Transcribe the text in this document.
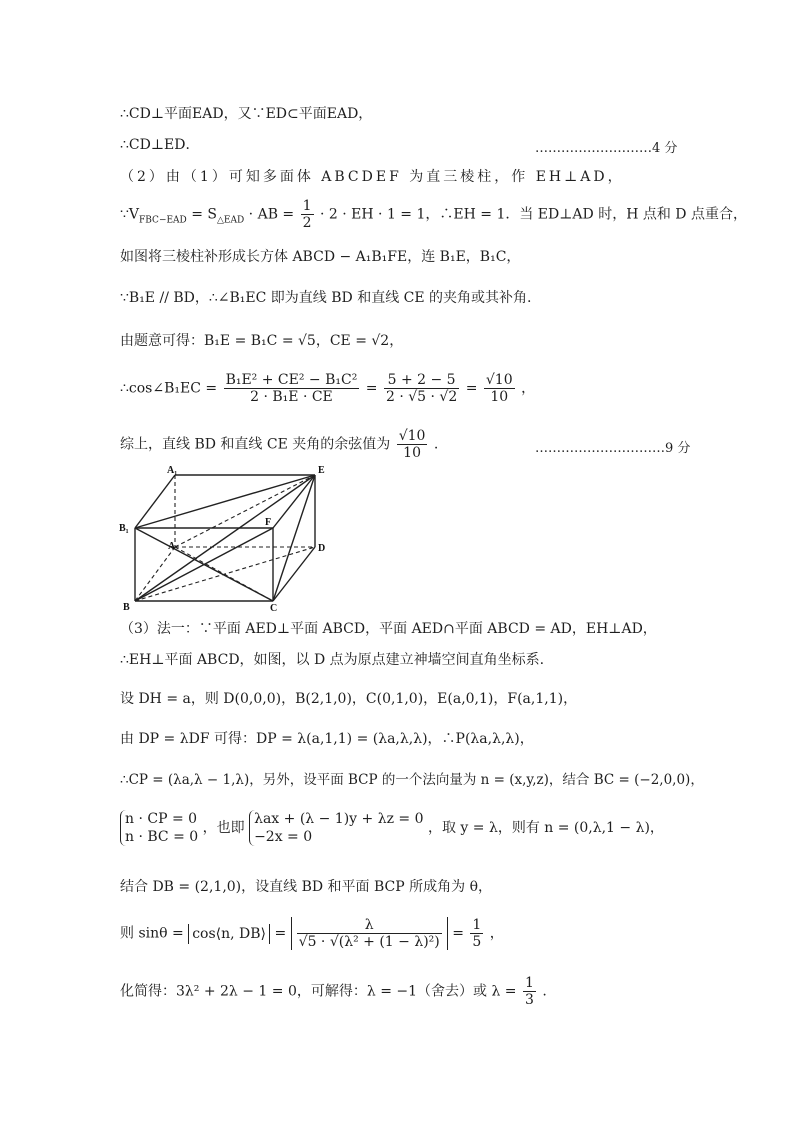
∴CD⊥平面EAD，又∵ED⊂平面EAD，
∴CD⊥ED．	………………………4 分
（2）由（1）可知多面体 ABCDEF 为直三棱柱，作 EH⊥AD，
$\because V_{FBC-EAD} = S_{\triangle EAD}$ · AB = $\frac{1}{2} \cdot 2$ · EH · 1 = 1，∴EH = 1．当 ED⊥AD 时，H 点和 D 点重合，
如图将三棱柱补形成长方体 ABCD − A₁B₁FE，连 B₁E，B₁C，
∵B₁E // BD，∴∠B₁EC 即为直线 BD 和直线 CE 的夹角或其补角.
由题意可得：B₁E = B₁C = √5，CE = √2，
∴cos∠B₁EC = $\frac{\text{B₁E² + CE² − B₁C²}}{\text{2 · B₁E · CE}} = \frac{5 + 2 - 5}{2 \cdot √5 \cdot √2} = \frac{√10}{10}$ ，
综上，直线 BD 和直线 CE 夹角的余弦值为 $\frac{√10}{10}$ .	…………………………9 分
A₁	E
B₁
F
A	D
B	C
（3）法一：∵平面 AED⊥平面 ABCD，平面 AED∩平面 ABCD = AD，EH⊥AD，
∴EH⊥平面 ABCD，如图，以 D 点为原点建立神墙空间直角坐标系.
设 DH = a，则 D(0,0,0)，B(2,1,0)，C(0,1,0)，E(a,0,1)，F(a,1,1)，
由 DP = λDF 可得：DP = λ(a,1,1) = (λa,λ,λ)，∴P(λa,λ,λ)，
∴CP = (λa,λ − 1,λ)，另外，设平面 BCP 的一个法向量为 n = (x,y,z)，结合 BC = (−2,0,0)，
n · CP = 0
n · BC = 0
，也即
λax + (λ − 1)y + λz = 0
−2x = 0
，取 y = λ，则有 n = (0,λ,1 − λ)，
结合 DB = (2,1,0)，设直线 BD 和平面 BCP 所成角为 θ，
则 sinθ = cos⟨n, DB⟩ = $\frac{\lambda}{\text{√5 · √(λ² + (1 − λ)²)}} = \frac{1}{5}$ ，
化简得：3λ² + 2λ − 1 = 0，可解得：λ = −1（舍去）或 $\lambda = \frac{1}{3}$ .
